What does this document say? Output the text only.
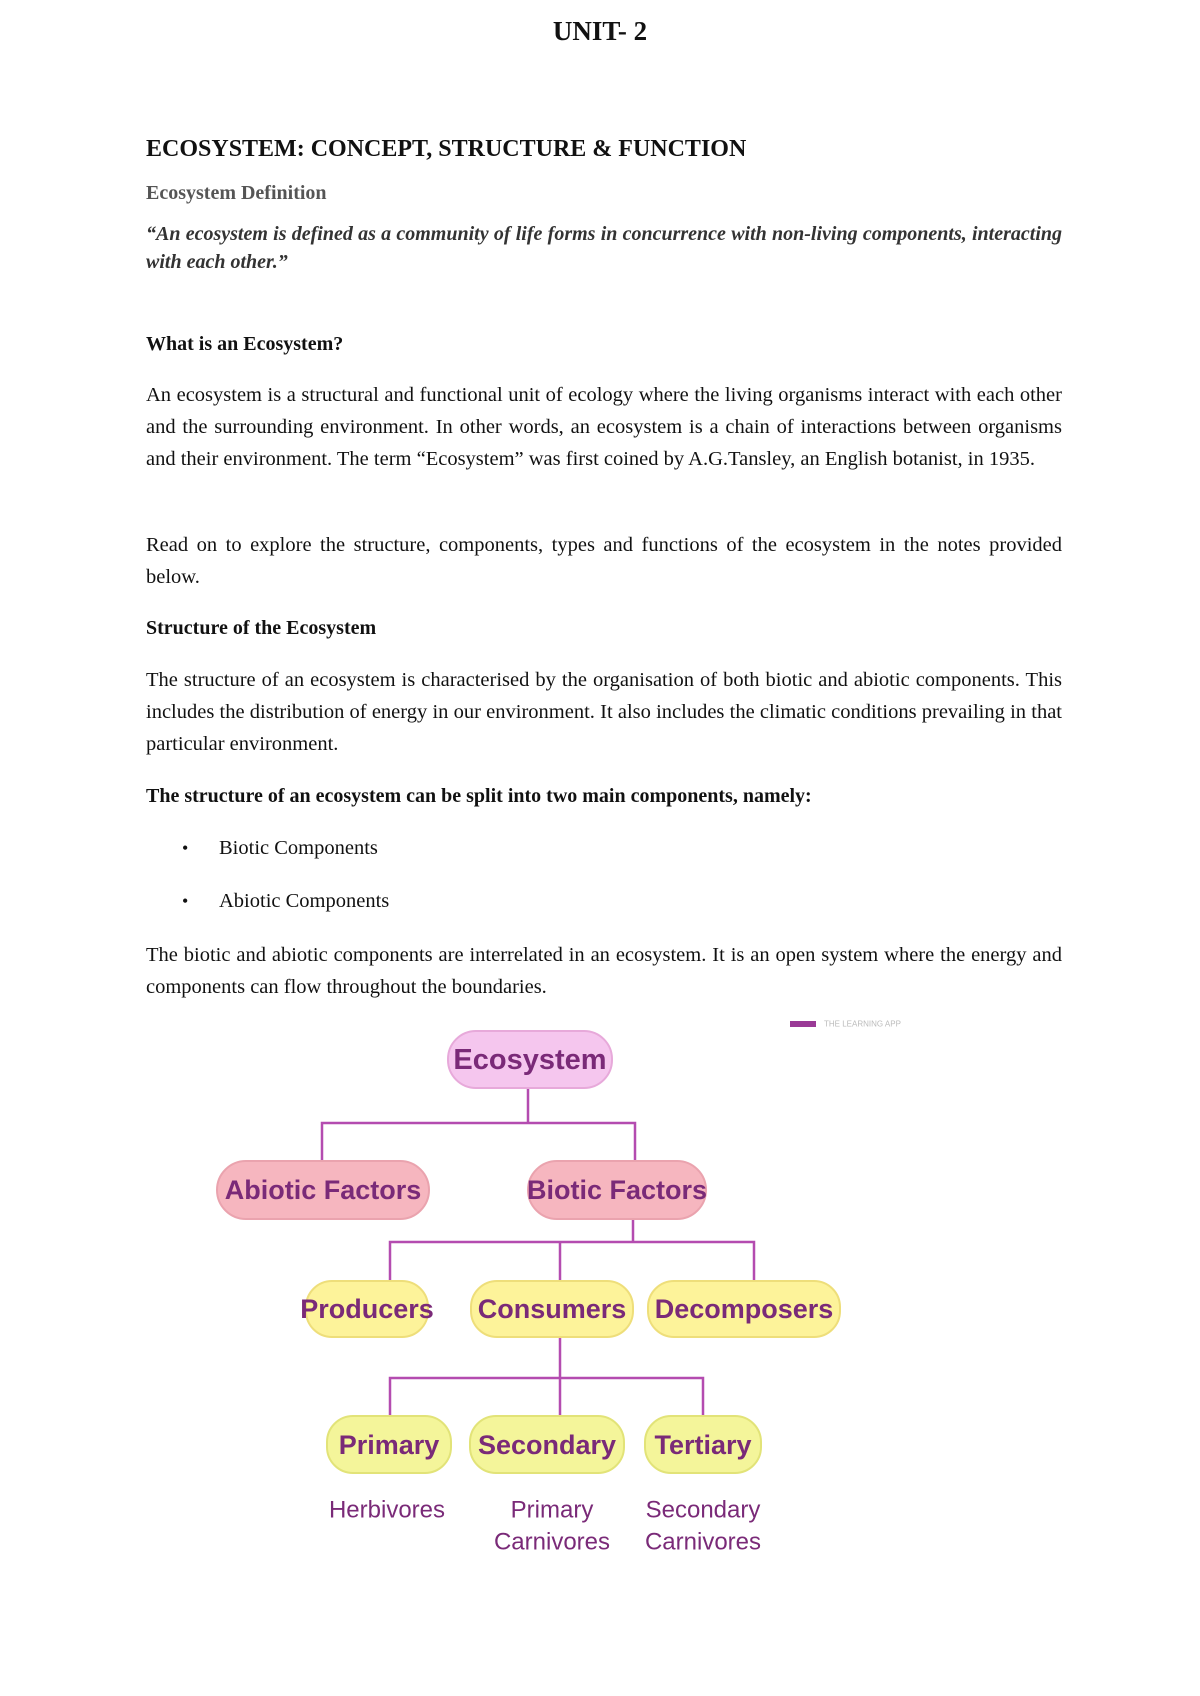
UNIT- 2
ECOSYSTEM: CONCEPT, STRUCTURE & FUNCTION
Ecosystem Definition

“An ecosystem is defined as a community of life forms in concurrence with non-living components, interacting with each other.”

What is an Ecosystem?

An ecosystem is a structural and functional unit of ecology where the living organisms interact with each other and the surrounding environment. In other words, an ecosystem is a chain of interactions between organisms and their environment. The term “Ecosystem” was first coined by A.G.Tansley, an English botanist, in 1935.

Read on to explore the structure, components, types and functions of the ecosystem in the notes provided below.

Structure of the Ecosystem

The structure of an ecosystem is characterised by the organisation of both biotic and abiotic components. This includes the distribution of energy in our environment. It also includes the climatic conditions prevailing in that particular environment.

The structure of an ecosystem can be split into two main components, namely:
• Biotic Components
• Abiotic Components

The biotic and abiotic components are interrelated in an ecosystem. It is an open system where the energy and components can flow throughout the boundaries.

THE LEARNING APP
Ecosystem
Abiotic Factors	Biotic Factors
Producers Consumers Decomposers
Primary Secondary Tertiary
Herbivores	Primary
Carnivores
Secondary
Carnivores
